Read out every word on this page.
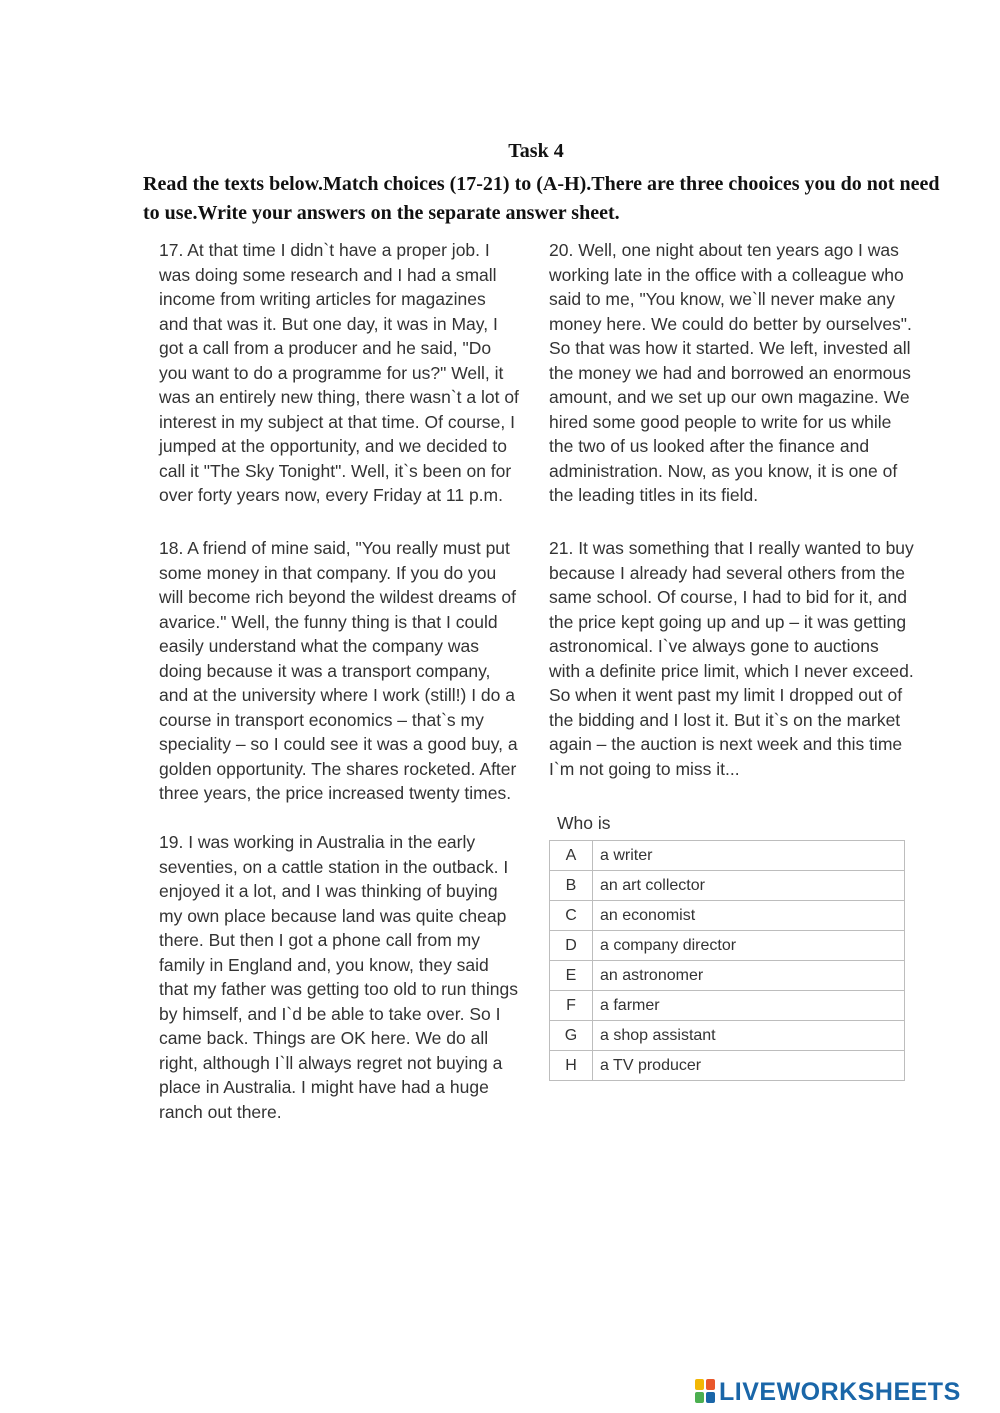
Task 4
Read the texts below.Match choices (17-21) to (A-H).There are three chooices you do not need to use.Write your answers on the separate answer sheet.

17. At that time I didn`t have a proper job. I was doing some research and I had a small income from writing articles for magazines and that was it. But one day, it was in May, I got a call from a producer and he said, "Do you want to do a programme for us?" Well, it was an entirely new thing, there wasn`t a lot of interest in my subject at that time. Of course, I jumped at the opportunity, and we decided to call it "The Sky Tonight". Well, it`s been on for over forty years now, every Friday at 11 p.m.

18. A friend of mine said, "You really must put some money in that company. If you do you will become rich beyond the wildest dreams of avarice." Well, the funny thing is that I could easily understand what the company was doing because it was a transport company, and at the university where I work (still!) I do a course in transport economics – that`s my speciality – so I could see it was a good buy, a golden opportunity. The shares rocketed. After three years, the price increased twenty times.

19. I was working in Australia in the early seventies, on a cattle station in the outback. I enjoyed it a lot, and I was thinking of buying my own place because land was quite cheap there. But then I got a phone call from my family in England and, you know, they said that my father was getting too old to run things by himself, and I`d be able to take over. So I came back. Things are OK here. We do all right, although I`ll always regret not buying a place in Australia. I might have had a huge ranch out there.

20. Well, one night about ten years ago I was working late in the office with a colleague who said to me, "You know, we`ll never make any money here. We could do better by ourselves". So that was how it started. We left, invested all the money we had and borrowed an enormous amount, and we set up our own magazine. We hired some good people to write for us while the two of us looked after the finance and administration. Now, as you know, it is one of the leading titles in its field.

21. It was something that I really wanted to buy because I already had several others from the same school. Of course, I had to bid for it, and the price kept going up and up – it was getting astronomical. I`ve always gone to auctions with a definite price limit, which I never exceed. So when it went past my limit I dropped out of the bidding and I lost it. But it`s on the market again – the auction is next week and this time I`m not going to miss it...

Who is
A	a writer
B	an art collector
C	an economist
D	a company director
E	an astronomer
F	a farmer
G	a shop assistant
H	a TV producer
LIVEWORKSHEETS
